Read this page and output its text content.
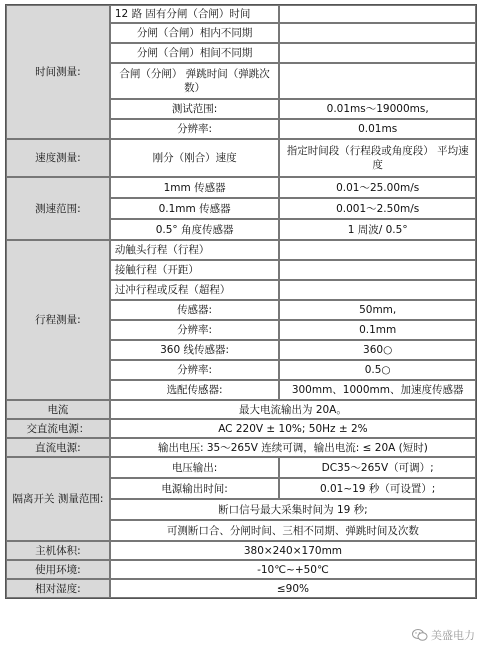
时间测量:	12 路 固有分闸（合闸）时间	
	分闸（合闸）相内不同期	
	分闸（合闸）相间不同期	
	合闸（分闸） 弹跳时间（弹跳次数）	
	测试范围:	0.01ms～19000ms,
	分辨率:	0.01ms
速度测量:	刚分（刚合）速度	指定时间段（行程段或角度段） 平均速度
测速范围:	1mm 传感器	0.01～25.00m/s
	0.1mm 传感器	0.001～2.50m/s
	0.5° 角度传感器	1 周波/ 0.5°
行程测量:	动触头行程（行程）	
	接触行程（开距）	
	过冲行程或反程（超程）	
	传感器:	50mm,
	分辨率:	0.1mm
	360 线传感器:	360○
	分辨率:	0.5○
	选配传感器:	300mm、1000mm、加速度传感器
电流	最大电流输出为 20A。	
交直流电源：	AC 220V ± 10%; 50Hz ± 2%	
直流电源:	输出电压: 35～265V 连续可调，输出电流: ≤ 20A (短时)	
隔离开关 测量范围:	电压输出:	DC35～265V（可调）;
	电源输出时间:	0.01~19 秒（可设置）;
	断口信号最大采集时间为 19 秒;	
	可测断口合、分闸时间、三相不同期、弹跳时间及次数	
主机体积:	380×240×170mm	
使用环境:	-10℃~+50℃	
相对湿度:	≤90%	
美盛电力
